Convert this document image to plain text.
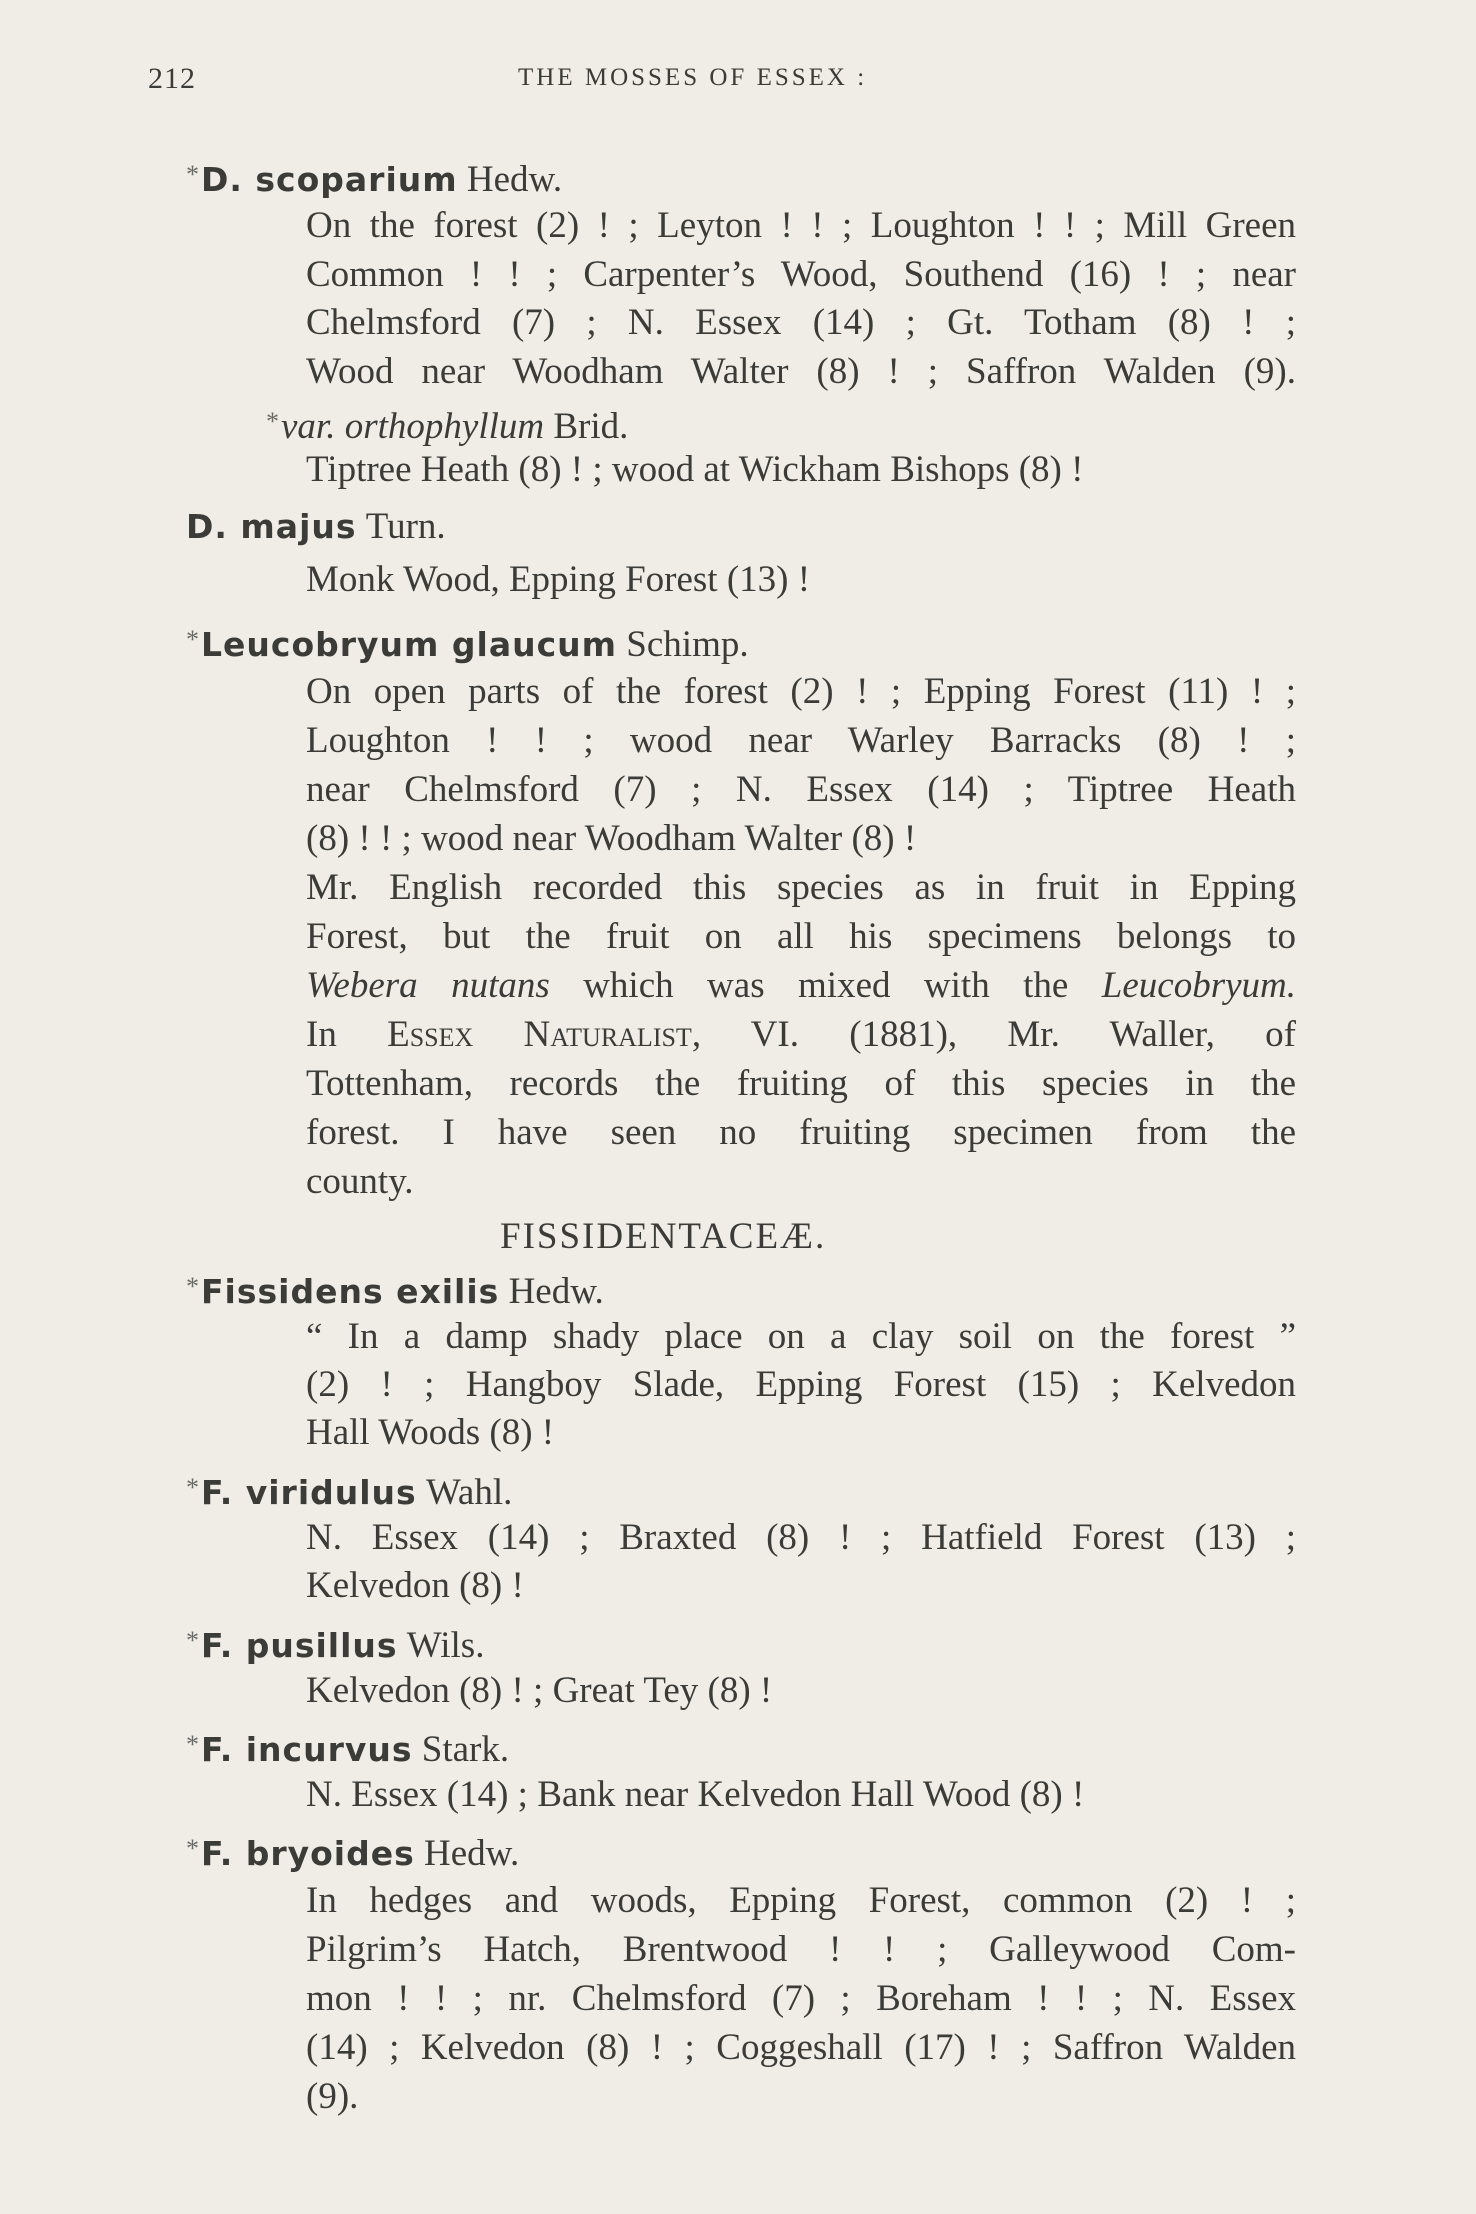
212	THE MOSSES OF ESSEX :
*D. scoparium Hedw.
On the forest (2) ! ; Leyton ! ! ; Loughton ! ! ; Mill Green
Common ! ! ; Carpenter’s Wood, Southend (16) ! ; near
Chelmsford (7) ; N. Essex (14) ; Gt. Totham (8) ! ;
Wood near Woodham Walter (8) ! ; Saffron Walden (9).
*var. orthophyllum Brid.
Tiptree Heath (8) ! ; wood at Wickham Bishops (8) !
D. majus Turn.
Monk Wood, Epping Forest (13) !
*Leucobryum glaucum Schimp.
On open parts of the forest (2) ! ; Epping Forest (11) ! ;
Loughton ! ! ; wood near Warley Barracks (8) ! ;
near Chelmsford (7) ; N. Essex (14) ; Tiptree Heath
(8) ! ! ; wood near Woodham Walter (8) !
Mr. English recorded this species as in fruit in Epping
Forest, but the fruit on all his specimens belongs to
Webera nutans which was mixed with the Leucobryum.
In Essex Naturalist, VI. (1881), Mr. Waller, of
Tottenham, records the fruiting of this species in the
forest. I have seen no fruiting specimen from the
county.
FISSIDENTACEÆ.
*Fissidens exilis Hedw.
“ In a damp shady place on a clay soil on the forest ”
(2) ! ; Hangboy Slade, Epping Forest (15) ; Kelvedon
Hall Woods (8) !
*F. viridulus Wahl.
N. Essex (14) ; Braxted (8) ! ; Hatfield Forest (13) ;
Kelvedon (8) !
*F. pusillus Wils.
Kelvedon (8) ! ; Great Tey (8) !
*F. incurvus Stark.
N. Essex (14) ; Bank near Kelvedon Hall Wood (8) !
*F. bryoides Hedw.
In hedges and woods, Epping Forest, common (2) ! ;
Pilgrim’s Hatch, Brentwood ! ! ; Galleywood Com-
mon ! ! ; nr. Chelmsford (7) ; Boreham ! ! ; N. Essex
(14) ; Kelvedon (8) ! ; Coggeshall (17) ! ; Saffron Walden
(9).
